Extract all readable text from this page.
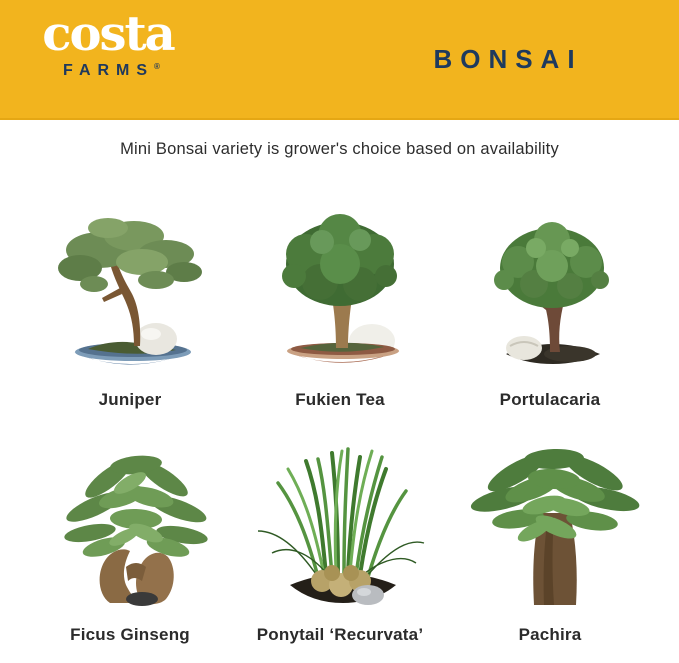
costa
FARMS®	BONSAI
Mini Bonsai variety is grower's choice based on availability
Juniper	Fukien Tea	Portulacaria
Ficus Ginseng	Ponytail ‘Recurvata’	Pachira
